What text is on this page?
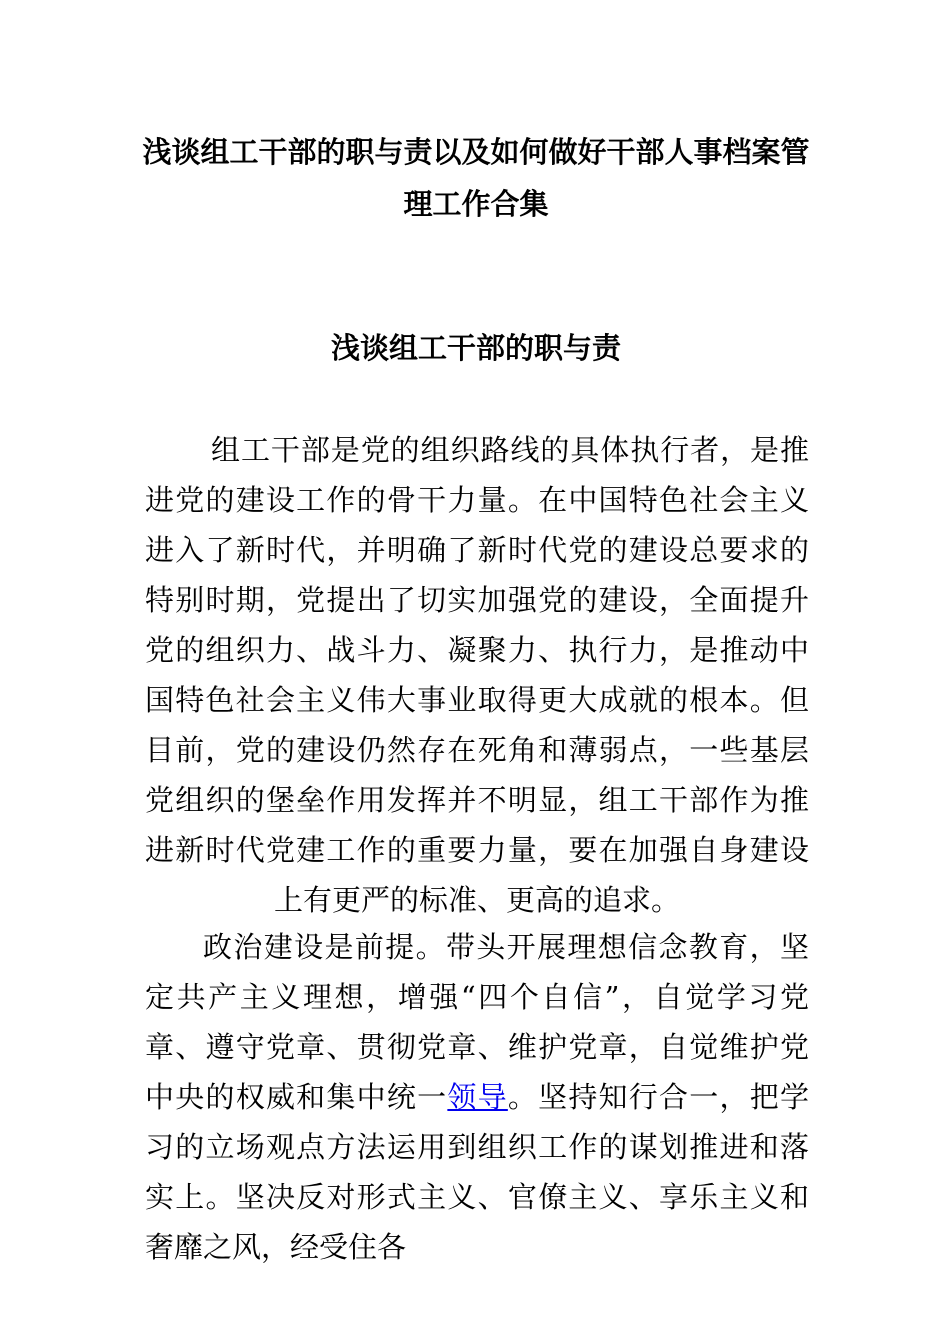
浅谈组工干部的职与责以及如何做好干部人事档案管理工作合集
浅谈组工干部的职与责

组工干部是党的组织路线的具体执行者，是推进党的建设工作的骨干力量。在中国特色社会主义进入了新时代，并明确了新时代党的建设总要求的特别时期，党提出了切实加强党的建设，全面提升党的组织力、战斗力、凝聚力、执行力，是推动中国特色社会主义伟大事业取得更大成就的根本。但目前，党的建设仍然存在死角和薄弱点，一些基层党组织的堡垒作用发挥并不明显，组工干部作为推进新时代党建工作的重要力量，要在加强自身建设上有更严的标准、更高的追求。

政治建设是前提。带头开展理想信念教育，坚定共产主义理想，增强“四个自信”，自觉学习党章、遵守党章、贯彻党章、维护党章，自觉维护党中央的权威和集中统一领导。坚持知行合一，把学习的立场观点方法运用到组织工作的谋划推进和落实上。坚决反对形式主义、官僚主义、享乐主义和奢靡之风，经受住各
